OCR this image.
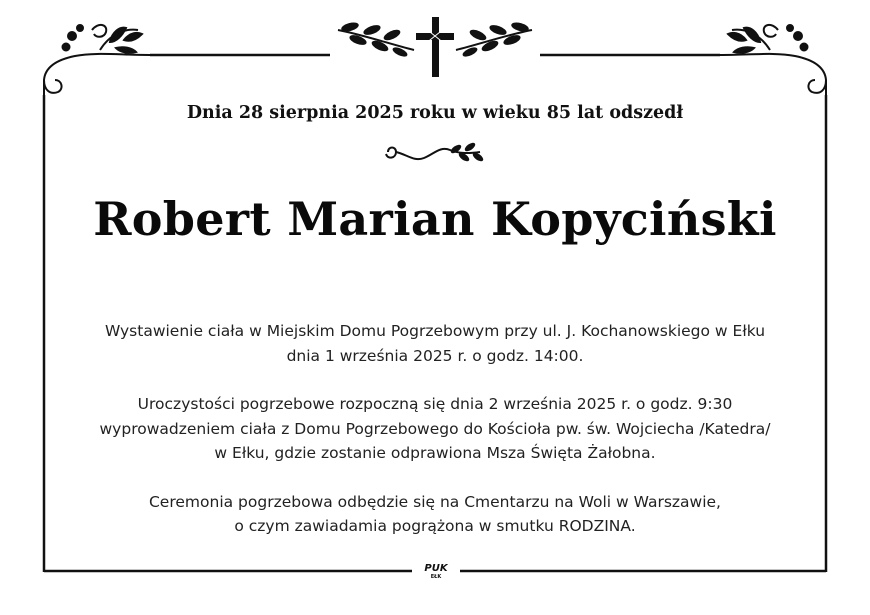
Dnia 28 sierpnia 2025 roku w wieku 85 lat odszedł
Robert Marian Kopyciński

Wystawienie ciała w Miejskim Domu Pogrzebowym przy ul. J. Kochanowskiego w Ełku
dnia 1 września 2025 r. o godz. 14:00.

Uroczystości pogrzebowe rozpoczną się dnia 2 września 2025 r. o godz. 9:30
wyprowadzeniem ciała z Domu Pogrzebowego do Kościoła pw. św. Wojciecha /Katedra/
w Ełku, gdzie zostanie odprawiona Msza Święta Żałobna.

Ceremonia pogrzebowa odbędzie się na Cmentarzu na Woli w Warszawie,
o czym zawiadamia pogrążona w smutku RODZINA.

PUK
EŁK
